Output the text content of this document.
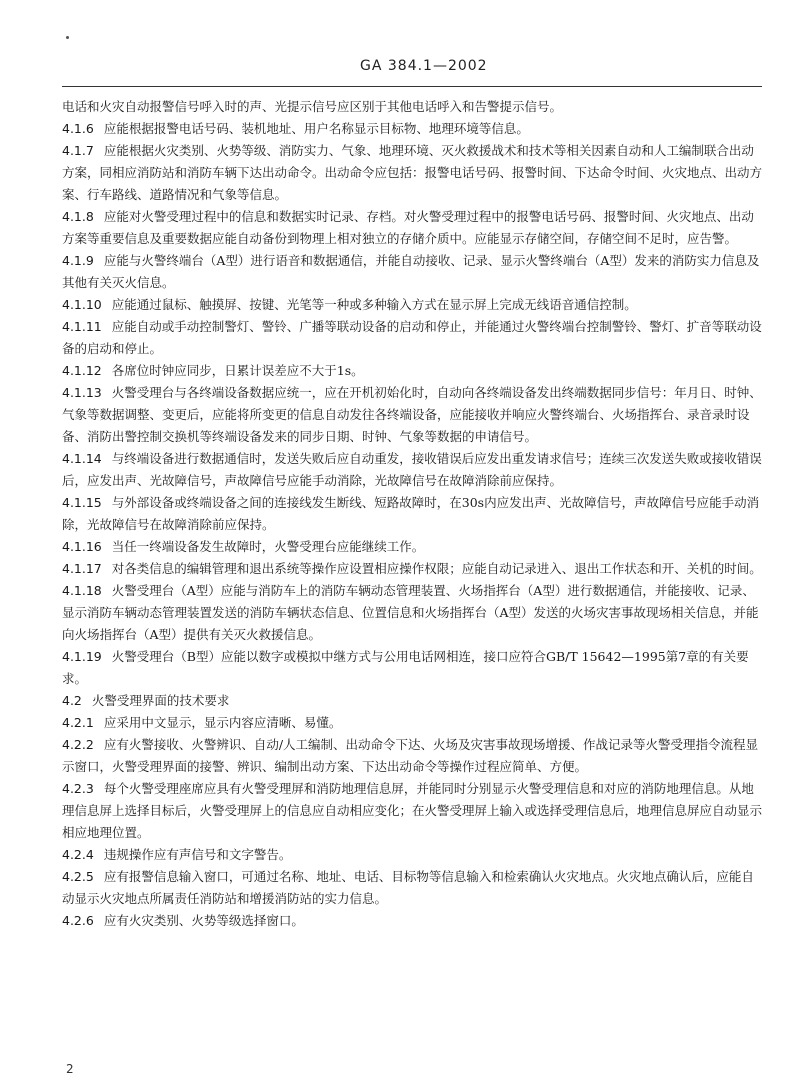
GA 384.1—2002

电话和火灾自动报警信号呼入时的声、光提示信号应区别于其他电话呼入和告警提示信号。

4.1.6 应能根据报警电话号码、装机地址、用户名称显示目标物、地理环境等信息。

4.1.7 应能根据火灾类别、火势等级、消防实力、气象、地理环境、灭火救援战术和技术等相关因素自动和人工编制联合出动方案，同相应消防站和消防车辆下达出动命令。出动命令应包括：报警电话号码、报警时间、下达命令时间、火灾地点、出动方案、行车路线、道路情况和气象等信息。

4.1.8 应能对火警受理过程中的信息和数据实时记录、存档。对火警受理过程中的报警电话号码、报警时间、火灾地点、出动方案等重要信息及重要数据应能自动备份到物理上相对独立的存储介质中。应能显示存储空间，存储空间不足时，应告警。

4.1.9 应能与火警终端台（A型）进行语音和数据通信，并能自动接收、记录、显示火警终端台（A型）发来的消防实力信息及其他有关灭火信息。

4.1.10 应能通过鼠标、触摸屏、按键、光笔等一种或多种输入方式在显示屏上完成无线语音通信控制。

4.1.11 应能自动或手动控制警灯、警铃、广播等联动设备的启动和停止，并能通过火警终端台控制警铃、警灯、扩音等联动设备的启动和停止。

4.1.12 各席位时钟应同步，日累计误差应不大于1s。

4.1.13 火警受理台与各终端设备数据应统一，应在开机初始化时，自动向各终端设备发出终端数据同步信号：年月日、时钟、气象等数据调整、变更后，应能将所变更的信息自动发往各终端设备，应能接收并响应火警终端台、火场指挥台、录音录时设备、消防出警控制交换机等终端设备发来的同步日期、时钟、气象等数据的申请信号。

4.1.14 与终端设备进行数据通信时，发送失败后应自动重发，接收错误后应发出重发请求信号；连续三次发送失败或接收错误后，应发出声、光故障信号，声故障信号应能手动消除，光故障信号在故障消除前应保持。

4.1.15 与外部设备或终端设备之间的连接线发生断线、短路故障时，在30s内应发出声、光故障信号，声故障信号应能手动消除，光故障信号在故障消除前应保持。

4.1.16 当任一终端设备发生故障时，火警受理台应能继续工作。

4.1.17 对各类信息的编辑管理和退出系统等操作应设置相应操作权限；应能自动记录进入、退出工作状态和开、关机的时间。

4.1.18 火警受理台（A型）应能与消防车上的消防车辆动态管理装置、火场指挥台（A型）进行数据通信，并能接收、记录、显示消防车辆动态管理装置发送的消防车辆状态信息、位置信息和火场指挥台（A型）发送的火场灾害事故现场相关信息，并能向火场指挥台（A型）提供有关灭火救援信息。

4.1.19 火警受理台（B型）应能以数字或模拟中继方式与公用电话网相连，接口应符合GB/T 15642—1995第7章的有关要求。

4.2 火警受理界面的技术要求

4.2.1 应采用中文显示，显示内容应清晰、易懂。

4.2.2 应有火警接收、火警辨识、自动/人工编制、出动命令下达、火场及灾害事故现场增援、作战记录等火警受理指令流程显示窗口，火警受理界面的接警、辨识、编制出动方案、下达出动命令等操作过程应简单、方便。

4.2.3 每个火警受理座席应具有火警受理屏和消防地理信息屏，并能同时分别显示火警受理信息和对应的消防地理信息。从地理信息屏上选择目标后，火警受理屏上的信息应自动相应变化；在火警受理屏上输入或选择受理信息后，地理信息屏应自动显示相应地理位置。

4.2.4 违规操作应有声信号和文字警告。

4.2.5 应有报警信息输入窗口，可通过名称、地址、电话、目标物等信息输入和检索确认火灾地点。火灾地点确认后，应能自动显示火灾地点所属责任消防站和增援消防站的实力信息。

4.2.6 应有火灾类别、火势等级选择窗口。

2
